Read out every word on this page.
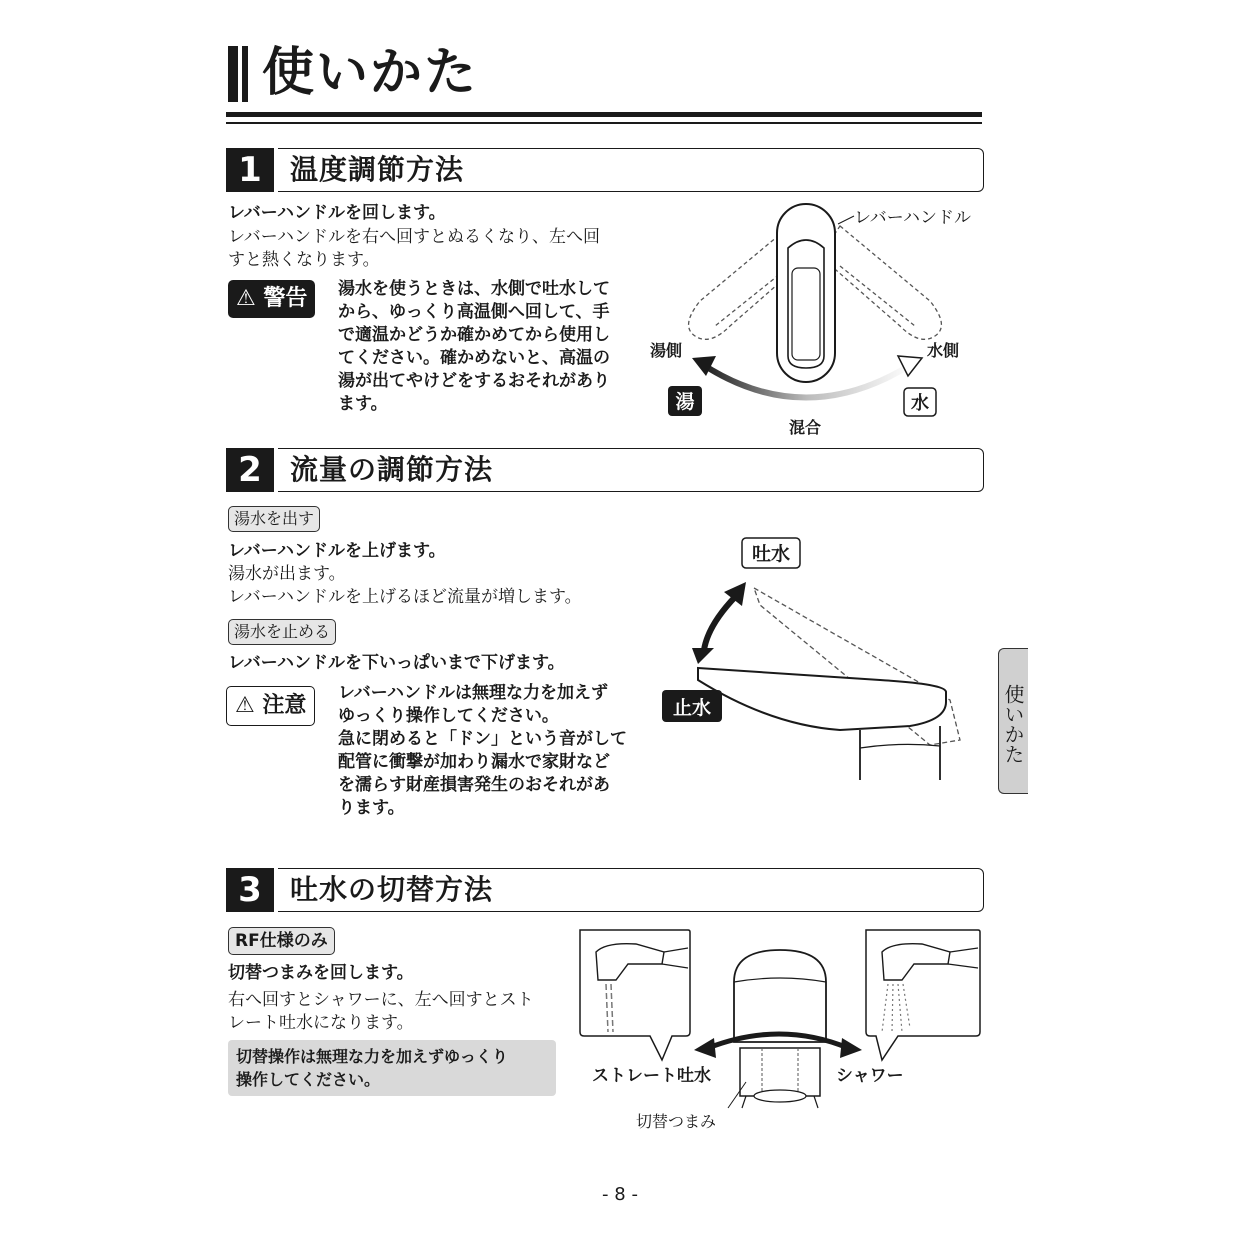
使いかた
1	温度調節方法

レバーハンドルを回します。

レバーハンドルを右へ回すとぬるくなり、左へ回

すと熱くなります。

⚠ 警告	湯水を使うときは、水側で吐水して
から、ゆっくり高温側へ回して、手
で適温かどうか確かめてから使用し
てください。確かめないと、高温の
湯が出てやけどをするおそれがあり
ます。
レバーハンドル
湯側	水側
湯	水
混合
2	流量の調節方法
湯水を出す

レバーハンドルを上げます。

湯水が出ます。

レバーハンドルを上げるほど流量が増します。

湯水を止める

レバーハンドルを下いっぱいまで下げます。

⚠ 注意	レバーハンドルは無理な力を加えず
ゆっくり操作してください。
急に閉めると「ドン」という音がして
配管に衝撃が加わり漏水で家財など
を濡らす財産損害発生のおそれがあ
ります。
吐水
止水	使いかた
3	吐水の切替方法
RF仕様のみ

切替つまみを回します。

右へ回すとシャワーに、左へ回すとスト

レート吐水になります。

切替操作は無理な力を加えずゆっくり
操作してください。	ストレート吐水	シャワー
切替つまみ
- 8 -
